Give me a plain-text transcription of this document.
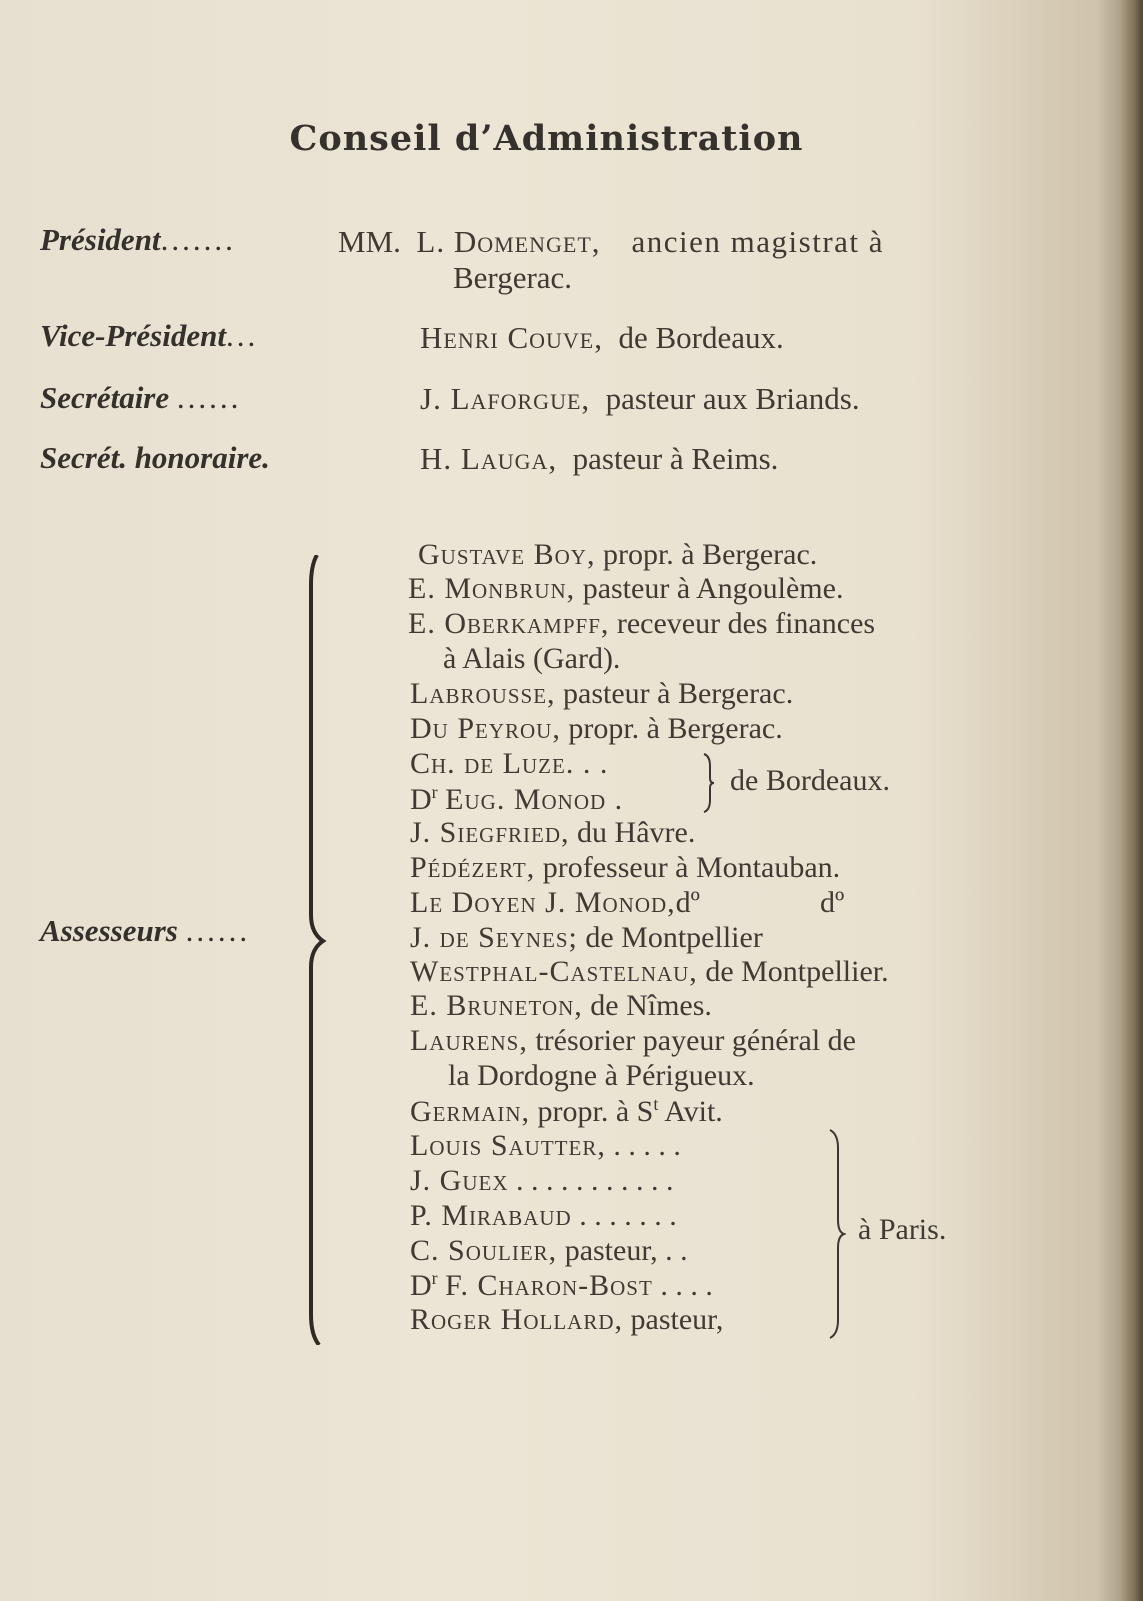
Conseil d’Administration
Président.......	MM. L. Domenget, ancien magistrat à
Bergerac.
Vice-Président...	Henri Couve, de Bordeaux.
Secrétaire ......	J. Laforgue, pasteur aux Briands.
Secrét. honoraire.	H. Lauga, pasteur à Reims.
Assesseurs ......
Gustave Boy, propr. à Bergerac.
E. Monbrun, pasteur à Angoulème.
E. Oberkampff, receveur des finances
à Alais (Gard).
Labrousse, pasteur à Bergerac.
Du Peyrou, propr. à Bergerac.
Ch. de Luze. . .
$D^r$ Eug. Monod .
de Bordeaux.
J. Siegfried, du Hâvre.
Pédézert, professeur à Montauban.
Le Doyen J. Monod,dº	dº
J. de Seynes; de Montpellier
Westphal-Castelnau, de Montpellier.
E. Bruneton, de Nîmes.
Laurens, trésorier payeur général de
la Dordogne à Périgueux.
Germain, propr. à $S^t$ Avit.
Louis Sautter, . . . . .
J. Guex . . . . . . . . . . .
P. Mirabaud . . . . . . .
C. Soulier, pasteur, . .
$D^r$ F. Charon-Bost . . . .
Roger Hollard, pasteur,
à Paris.
